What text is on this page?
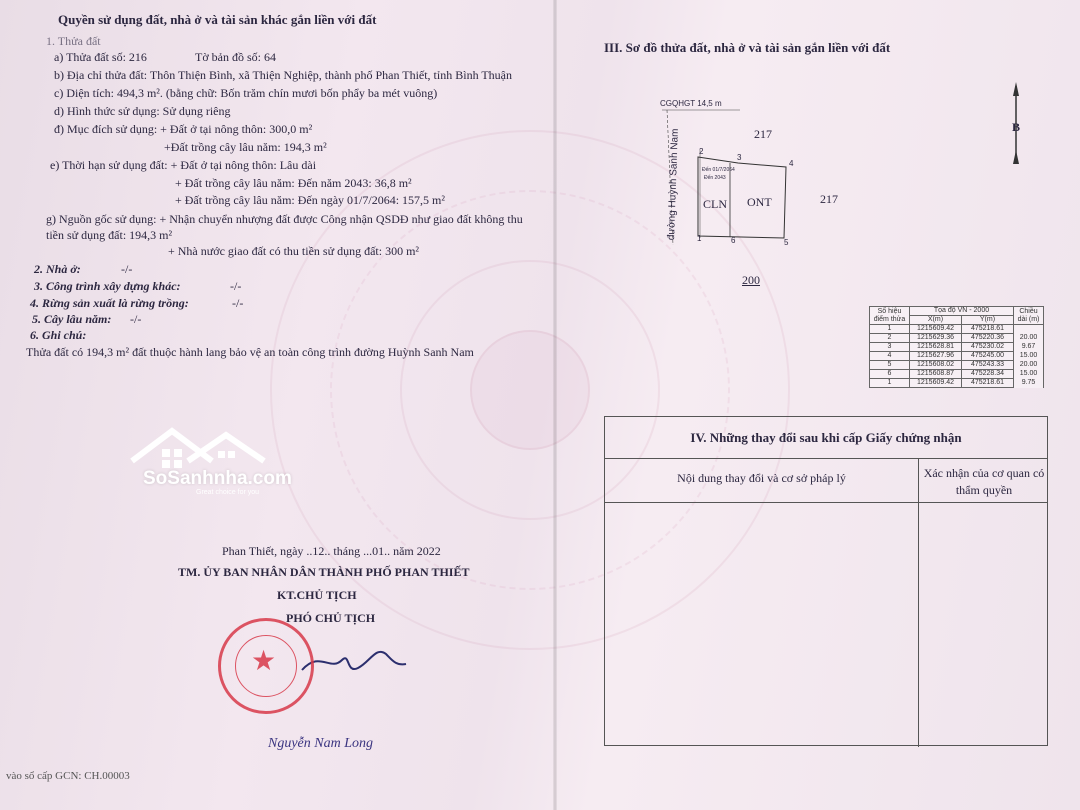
Quyền sử dụng đất, nhà ở và tài sản khác gắn liền với đất
1. Thửa đất
a) Thửa đất số: 216	Tờ bản đồ số: 64
b) Địa chỉ thửa đất: Thôn Thiện Bình, xã Thiện Nghiệp, thành phố Phan Thiết, tỉnh Bình Thuận
c) Diện tích: 494,3 m². (bằng chữ: Bốn trăm chín mươi bốn phẩy ba mét vuông)
d) Hình thức sử dụng: Sử dụng riêng
đ) Mục đích sử dụng: + Đất ở tại nông thôn: 300,0 m²
+Đất trồng cây lâu năm: 194,3 m²
e) Thời hạn sử dụng đất: + Đất ở tại nông thôn: Lâu dài
+ Đất trồng cây lâu năm: Đến năm 2043: 36,8 m²
+ Đất trồng cây lâu năm: Đến ngày 01/7/2064: 157,5 m²
g) Nguồn gốc sử dụng: + Nhận chuyển nhượng đất được Công nhận QSDĐ như giao đất không thu
tiền sử dụng đất: 194,3 m²
+ Nhà nước giao đất có thu tiền sử dụng đất: 300 m²
2. Nhà ở:	-/-
3. Công trình xây dựng khác:	-/-
4. Rừng sản xuất là rừng trồng:	-/-
5. Cây lâu năm: -/-
6. Ghi chú:
Thửa đất có 194,3 m² đất thuộc hành lang bảo vệ an toàn công trình đường Huỳnh Sanh Nam
SoSanhnha.com
Great choice for you
Phan Thiết, ngày ..12.. tháng ...01.. năm 2022
TM. ỦY BAN NHÂN DÂN THÀNH PHỐ PHAN THIẾT
KT.CHỦ TỊCH
PHÓ CHỦ TỊCH
★
Nguyễn Nam Long
vào sổ cấp GCN: CH.00003
III. Sơ đồ thửa đất, nhà ở và tài sản gắn liền với đất
CGQHGT 14,5 m
đường Huỳnh Sanh Nam	217
217
200
CLN ONT
Đến 01/7/2064
Đến 2043
1
2
3
4
5
6
B
Số hiệu điểm thửa	Tọa độ VN - 2000		Chiều dài (m)
	X(m)	Y(m)	
1	1215609.42	475218.61	
2	1215629.36	475220.36	20.00
3	1215628.81	475230.02	9.67
4	1215627.96	475245.00	15.00
5	1215608.02	475243.33	20.00
6	1215608.87	475228.34	15.00
1	1215609.42	475218.61	9.75
IV. Những thay đổi sau khi cấp Giấy chứng nhận
Nội dung thay đổi và cơ sở pháp lý	Xác nhận của cơ quan có thẩm quyền
